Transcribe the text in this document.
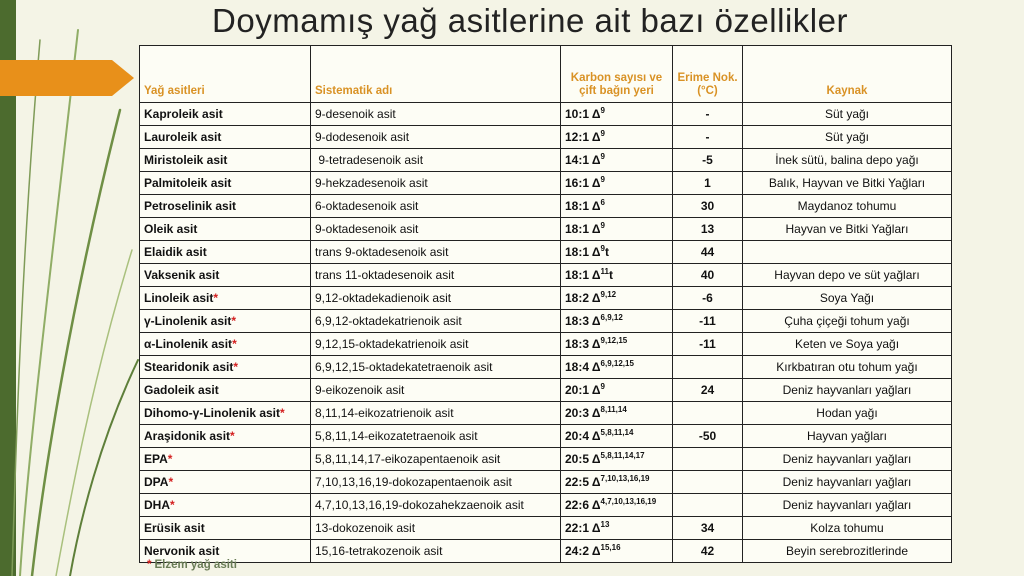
Doymamış yağ asitlerine ait bazı özellikler
Yağ asitleri	Sistematik adı	Karbon sayısı ve çift bağın yeri	Erime Nok. (°C)	Kaynak
Kaproleik asit	9-desenoik asit	10:1 $\Delta^9$	-	Süt yağı
Lauroleik asit	9-dodesenoik asit	12:1 $\Delta^9$	-	Süt yağı
Miristoleik asit	9-tetradesenoik asit	14:1 $\Delta^9$	-5	İnek sütü, balina depo yağı
Palmitoleik asit	9-hekzadesenoik asit	16:1 $\Delta^9$	1	Balık, Hayvan ve Bitki Yağları
Petroselinik asit	6-oktadesenoik asit	18:1 $\Delta^6$	30	Maydanoz tohumu
Oleik asit	9-oktadesenoik asit	18:1 $\Delta^9$	13	Hayvan ve Bitki Yağları
Elaidik asit	trans 9-oktadesenoik asit	18:1 $\Delta^9t$	44	
Vaksenik asit	trans 11-oktadesenoik asit	18:1 $\Delta^{11}t$	40	Hayvan depo ve süt yağları
Linoleik asit*	9,12-oktadekadienoik asit	18:2 Δ$^{9,12}$	-6	Soya Yağı
γ-Linolenik asit*	6,9,12-oktadekatrienoik asit	18:3 Δ$^{6,9,12}$	-11	Çuha çiçeği tohum yağı
α-Linolenik asit*	9,12,15-oktadekatrienoik asit	18:3 Δ$^{9,12,15}$	-11	Keten ve Soya yağı
Stearidonik asit*	6,9,12,15-oktadekatetraenoik asit	18:4 Δ$^{6,9,12,15}$		Kırkbatıran otu tohum yağı
Gadoleik asit	9-eikozenoik asit	20:1 $\Delta^9$	24	Deniz hayvanları yağları
Dihomo-γ-Linolenik asit*	8,11,14-eikozatrienoik asit	20:3 Δ$^{8,11,14}$		Hodan yağı
Araşidonik asit*	5,8,11,14-eikozatetraenoik asit	20:4 Δ$^{5,8,11,14}$	-50	Hayvan yağları
EPA*	5,8,11,14,17-eikozapentaenoik asit	20:5 Δ$^{5,8,11,14,17}$		Deniz hayvanları yağları
DPA*	7,10,13,16,19-dokozapentaenoik asit	22:5 Δ$^{7,10,13,16,19}$		Deniz hayvanları yağları
DHA*	4,7,10,13,16,19-dokozahekzaenoik asit	22:6 Δ$^{4,7,10,13,16,19}$		Deniz hayvanları yağları
Erüsik asit	13-dokozenoik asit	22:1 $\Delta^{13}$	34	Kolza tohumu
Nervonik asit	15,16-tetrakozenoik asit	24:2 Δ$^{15,16}$	42	Beyin serebrozitlerinde
* Elzem yağ asiti
